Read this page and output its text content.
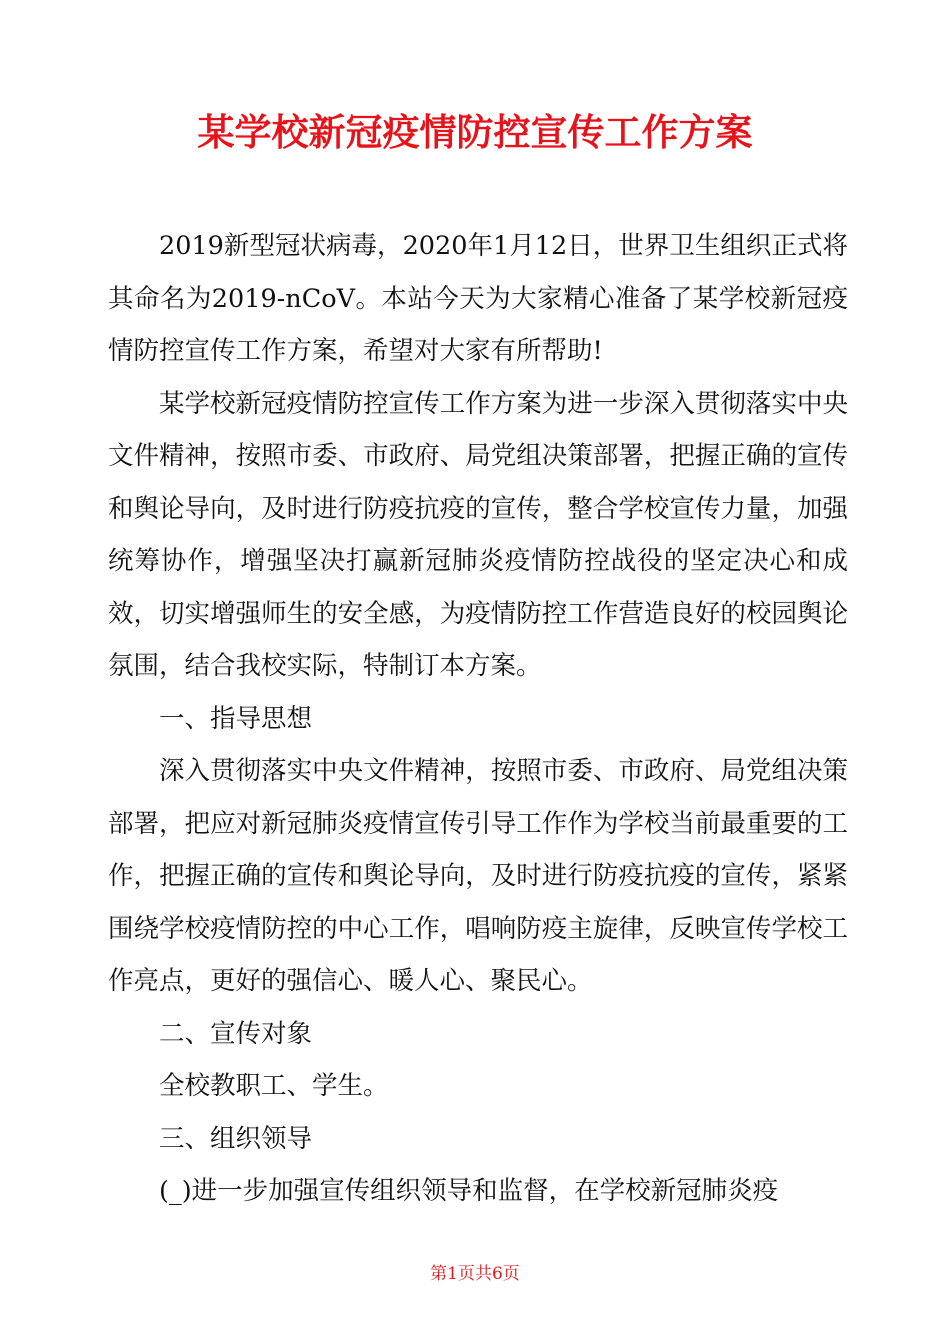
某学校新冠疫情防控宣传工作方案

2019新型冠状病毒，2020年1月12日，世界卫生组织正式将其命名为2019-nCoV。本站今天为大家精心准备了某学校新冠疫情防控宣传工作方案，希望对大家有所帮助!

某学校新冠疫情防控宣传工作方案为进一步深入贯彻落实中央文件精神，按照市委、市政府、局党组决策部署，把握正确的宣传和舆论导向，及时进行防疫抗疫的宣传，整合学校宣传力量，加强统筹协作，增强坚决打赢新冠肺炎疫情防控战役的坚定决心和成效，切实增强师生的安全感，为疫情防控工作营造良好的校园舆论氛围，结合我校实际，特制订本方案。

一、指导思想

深入贯彻落实中央文件精神，按照市委、市政府、局党组决策部署，把应对新冠肺炎疫情宣传引导工作作为学校当前最重要的工作，把握正确的宣传和舆论导向，及时进行防疫抗疫的宣传，紧紧围绕学校疫情防控的中心工作，唱响防疫主旋律，反映宣传学校工作亮点，更好的强信心、暖人心、聚民心。

二、宣传对象

全校教职工、学生。

三、组织领导

(_)进一步加强宣传组织领导和监督，在学校新冠肺炎疫

第1页共6页
